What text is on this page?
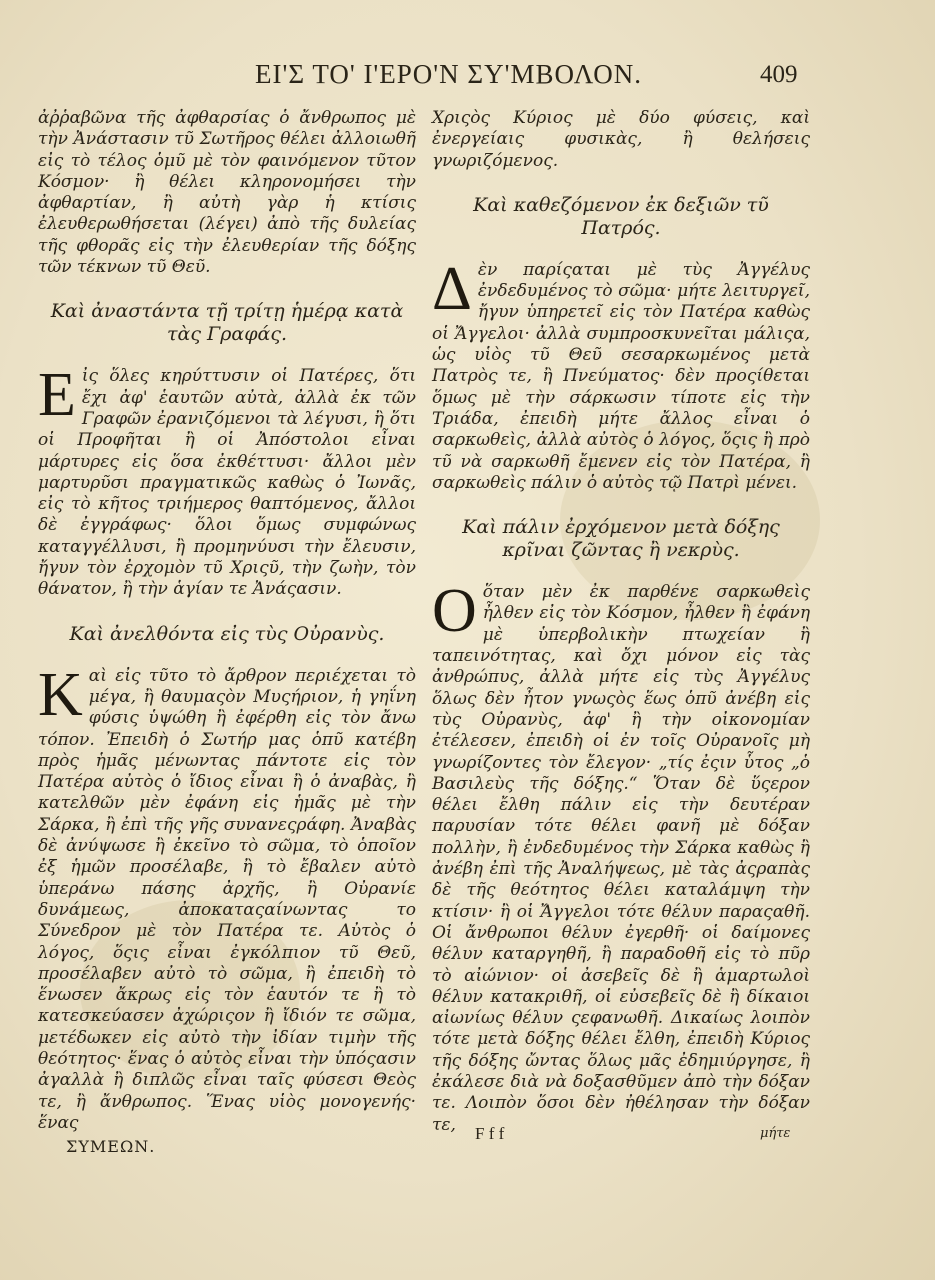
ΕΙ'Σ ΤΟ' Ι'ΕΡΟ'Ν ΣΥ'ΜΒΟΛΟΝ.	409

ἀῤῥαβῶνα τῆς ἀφθαρσίας ὁ ἄνθρωπος μὲ τὴν Ἀνάστασιν τῦ Σωτῆρος θέλει ἀλλοιωθῆ εἰς τὸ τέλος ὁμῦ μὲ τὸν φαινόμενον τῦτον Κόσμον· ἢ θέλει κληρονομήσει τὴν ἀφθαρτίαν, ἢ αὐτὴ γὰρ ἡ κτίσις ἐλευθερωθήσεται (λέγει) ἀπὸ τῆς δυλείας τῆς φθορᾶς εἰς τὴν ἐλευθερίαν τῆς δόξης τῶν τέκνων τῦ Θεῦ.

Καὶ ἀναστάντα τῇ τρίτῃ ἡμέρᾳ κατὰ τὰς Γραφάς.

Εἰς ὅλες κηρύττυσιν οἱ Πατέρες, ὅτι ἔχι ἀφ' ἑαυτῶν αὐτὰ, ἀλλὰ ἐκ τῶν Γραφῶν ἐρανιζόμενοι τὰ λέγυσι, ἢ ὅτι οἱ Προφῆται ἢ οἱ Ἀπόστολοι εἶναι μάρτυρες εἰς ὅσα ἐκθέττυσι· ἄλλοι μὲν μαρτυρῦσι πραγματικῶς καθὼς ὁ Ἰωνᾶς, εἰς τὸ κῆτος τριήμερος θαπτόμενος, ἄλλοι δὲ ἐγγράφως· ὅλοι ὅμως συμφώνως καταγγέλλυσι, ἢ προμηνύυσι τὴν ἔλευσιν, ἤγυν τὸν ἐρχομὸν τῦ Χριςῦ, τὴν ζωὴν, τὸν θάνατον, ἢ τὴν ἁγίαν τε Ἀνάςασιν.

Καὶ ἀνελθόντα εἰς τὺς Οὐρανὺς.

Καὶ εἰς τῦτο τὸ ἄρθρον περιέχεται τὸ μέγα, ἢ θαυμαςὸν Μυςήριον, ἡ γηΐνη φύσις ὑψώθη ἢ ἐφέρθη εἰς τὸν ἄνω τόπον. Ἐπειδὴ ὁ Σωτήρ μας ὁπῦ κατέβη πρὸς ἡμᾶς μένωντας πάντοτε εἰς τὸν Πατέρα αὐτὸς ὁ ἴδιος εἶναι ἢ ὁ ἀναβὰς, ἢ κατελθῶν μὲν ἐφάνη εἰς ἡμᾶς μὲ τὴν Σάρκα, ἢ ἐπὶ τῆς γῆς συνανεςράφη. Ἀναβὰς δὲ ἀνύψωσε ἢ ἐκεῖνο τὸ σῶμα, τὸ ὁποῖον ἐξ ἡμῶν προσέλαβε, ἢ τὸ ἔβαλεν αὐτὸ ὑπεράνω πάσης ἀρχῆς, ἢ Οὐρανίε δυνάμεως, ἀποκαταςαίνωντας το Σύνεδρον μὲ τὸν Πατέρα τε. Αὐτὸς ὁ λόγος, ὅςις εἶναι ἐγκόλπιον τῦ Θεῦ, προσέλαβεν αὐτὸ τὸ σῶμα, ἢ ἐπειδὴ τὸ ἕνωσεν ἄκρως εἰς τὸν ἑαυτόν τε ἢ τὸ κατεσκεύασεν ἀχώριςον ἢ ἴδιόν τε σῶμα, μετέδωκεν εἰς αὐτὸ τὴν ἰδίαν τιμὴν τῆς θεότητος· ἕνας ὁ αὐτὸς εἶναι τὴν ὑπόςασιν ἀγαλλὰ ἢ διπλῶς εἶναι ταῖς φύσεσι Θεὸς τε, ἢ ἄνθρωπος. Ἕνας υἱὸς μονογενής· ἕνας

ΣΥΜΕΩΝ.

Χριςὸς Κύριος μὲ δύο φύσεις, καὶ ἐνεργείαις φυσικὰς, ἢ θελήσεις γνωριζόμενος.

Καὶ καθεζόμενον ἐκ δεξιῶν τῦ Πατρός.

Δὲν παρίςαται μὲ τὺς Ἀγγέλυς ἐνδεδυμένος τὸ σῶμα· μήτε λειτυργεῖ, ἤγυν ὑπηρετεῖ εἰς τὸν Πατέρα καθὼς οἱ Ἄγγελοι· ἀλλὰ συμπροσκυνεῖται μάλιςα, ὡς υἱὸς τῦ Θεῦ σεσαρκωμένος μετὰ Πατρὸς τε, ἢ Πνεύματος· δὲν προςίθεται ὅμως μὲ τὴν σάρκωσιν τίποτε εἰς τὴν Τριάδα, ἐπειδὴ μήτε ἄλλος εἶναι ὁ σαρκωθεὶς, ἀλλὰ αὐτὸς ὁ λόγος, ὅςις ἢ πρὸ τῦ νὰ σαρκωθῆ ἔμενεν εἰς τὸν Πατέρα, ἢ σαρκωθεὶς πάλιν ὁ αὐτὸς τῷ Πατρὶ μένει.

Καὶ πάλιν ἐρχόμενον μετὰ δόξης κρῖναι ζῶντας ἢ νεκρὺς.

Οὅταν μὲν ἐκ παρθένε σαρκωθεὶς ἦλθεν εἰς τὸν Κόσμον, ἦλθεν ἢ ἐφάνη μὲ ὑπερβολικὴν πτωχείαν ἢ ταπεινότητας, καὶ ὄχι μόνον εἰς τὰς ἀνθρώπυς, ἀλλὰ μήτε εἰς τὺς Ἀγγέλυς ὅλως δὲν ἦτον γνωςὸς ἕως ὁπῦ ἀνέβη εἰς τὺς Οὐρανὺς, ἀφ' ἢ τὴν οἰκονομίαν ἐτέλεσεν, ἐπειδὴ οἱ ἐν τοῖς Οὐρανοῖς μὴ γνωρίζοντες τὸν ἔλεγον· „τίς ἐςιν ὗτος „ὁ Βασιλεὺς τῆς δόξης.“ Ὅταν δὲ ὕςερον θέλει ἔλθη πάλιν εἰς τὴν δευτέραν παρυσίαν τότε θέλει φανῆ μὲ δόξαν πολλὴν, ἢ ἐνδεδυμένος τὴν Σάρκα καθὼς ἢ ἀνέβη ἐπὶ τῆς Ἀναλήψεως, μὲ τὰς ἀςραπὰς δὲ τῆς θεότητος θέλει καταλάμψη τὴν κτίσιν· ἢ οἱ Ἄγγελοι τότε θέλυν παραςαθῆ. Οἱ ἄνθρωποι θέλυν ἐγερθῆ· οἱ δαίμονες θέλυν καταργηθῆ, ἢ παραδοθῆ εἰς τὸ πῦρ τὸ αἰώνιον· οἱ ἀσεβεῖς δὲ ἢ ἁμαρτωλοὶ θέλυν κατακριθῆ, οἱ εὐσεβεῖς δὲ ἢ δίκαιοι αἰωνίως θέλυν ςεφανωθῆ. Δικαίως λοιπὸν τότε μετὰ δόξης θέλει ἔλθη, ἐπειδὴ Κύριος τῆς δόξης ὤντας ὅλως μᾶς ἐδημιύργησε, ἢ ἐκάλεσε διὰ νὰ δοξασθῦμεν ἀπὸ τὴν δόξαν τε. Λοιπὸν ὅσοι δὲν ἠθέλησαν τὴν δόξαν τε,	F f f	μήτε
